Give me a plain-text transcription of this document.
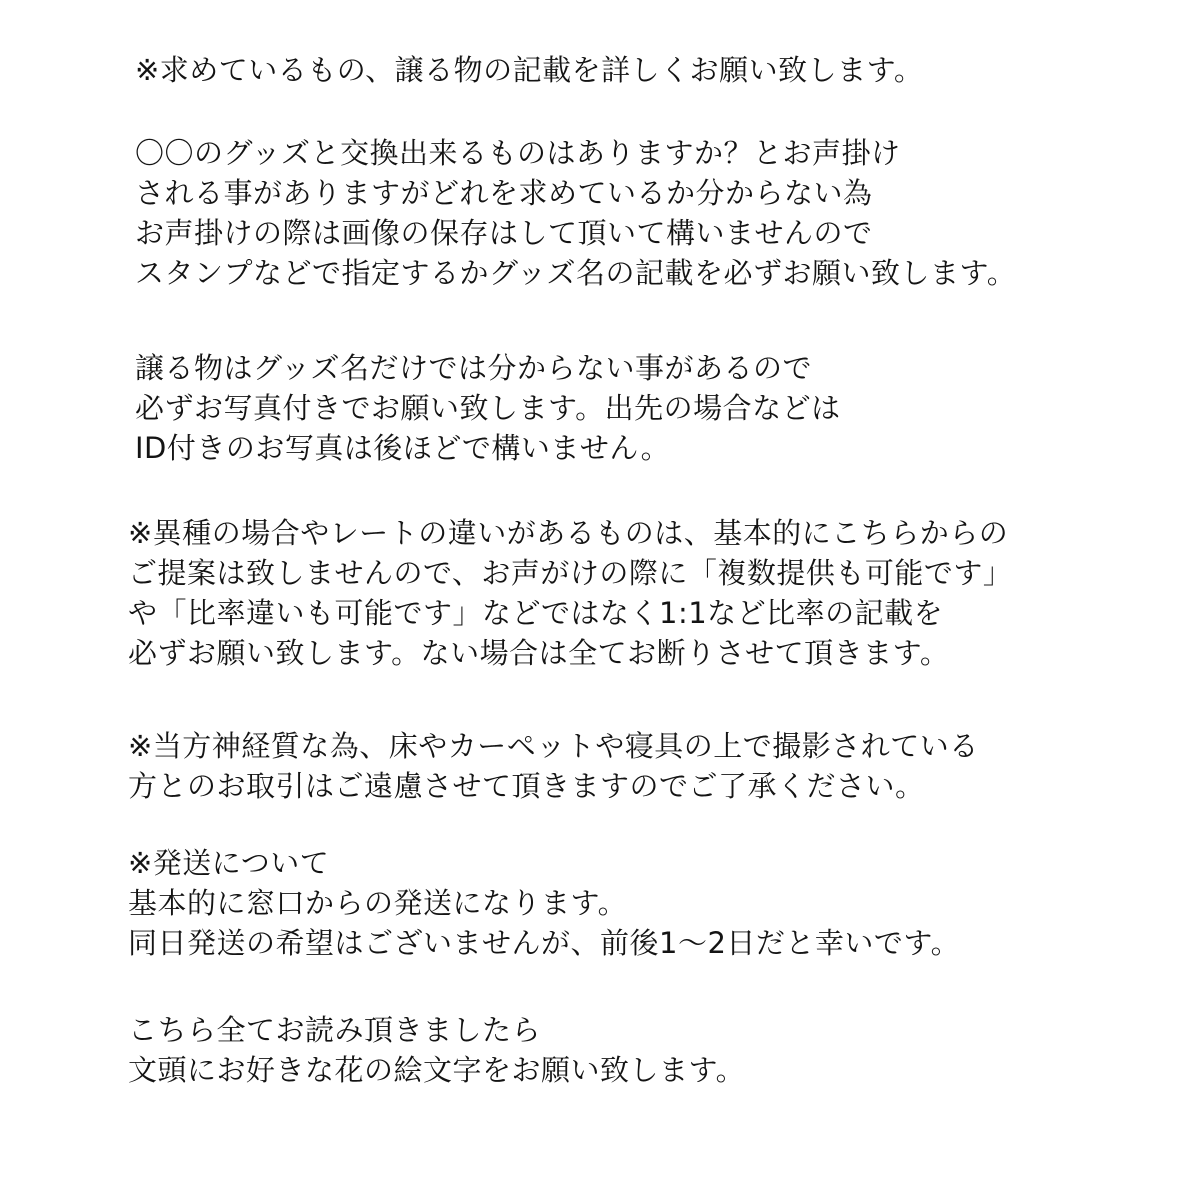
※求めているもの、譲る物の記載を詳しくお願い致します。

〇〇のグッズと交換出来るものはありますか？とお声掛け

される事がありますがどれを求めているか分からない為

お声掛けの際は画像の保存はして頂いて構いませんので

スタンプなどで指定するかグッズ名の記載を必ずお願い致します。

譲る物はグッズ名だけでは分からない事があるので

必ずお写真付きでお願い致します。出先の場合などは

ID付きのお写真は後ほどで構いません。

※異種の場合やレートの違いがあるものは、基本的にこちらからの

ご提案は致しませんので、お声がけの際に「複数提供も可能です」

や「比率違いも可能です」などではなく1:1など比率の記載を

必ずお願い致します。ない場合は全てお断りさせて頂きます。

※当方神経質な為、床やカーペットや寝具の上で撮影されている

方とのお取引はご遠慮させて頂きますのでご了承ください。

※発送について

基本的に窓口からの発送になります。

同日発送の希望はございませんが、前後1〜2日だと幸いです。

こちら全てお読み頂きましたら

文頭にお好きな花の絵文字をお願い致します。
